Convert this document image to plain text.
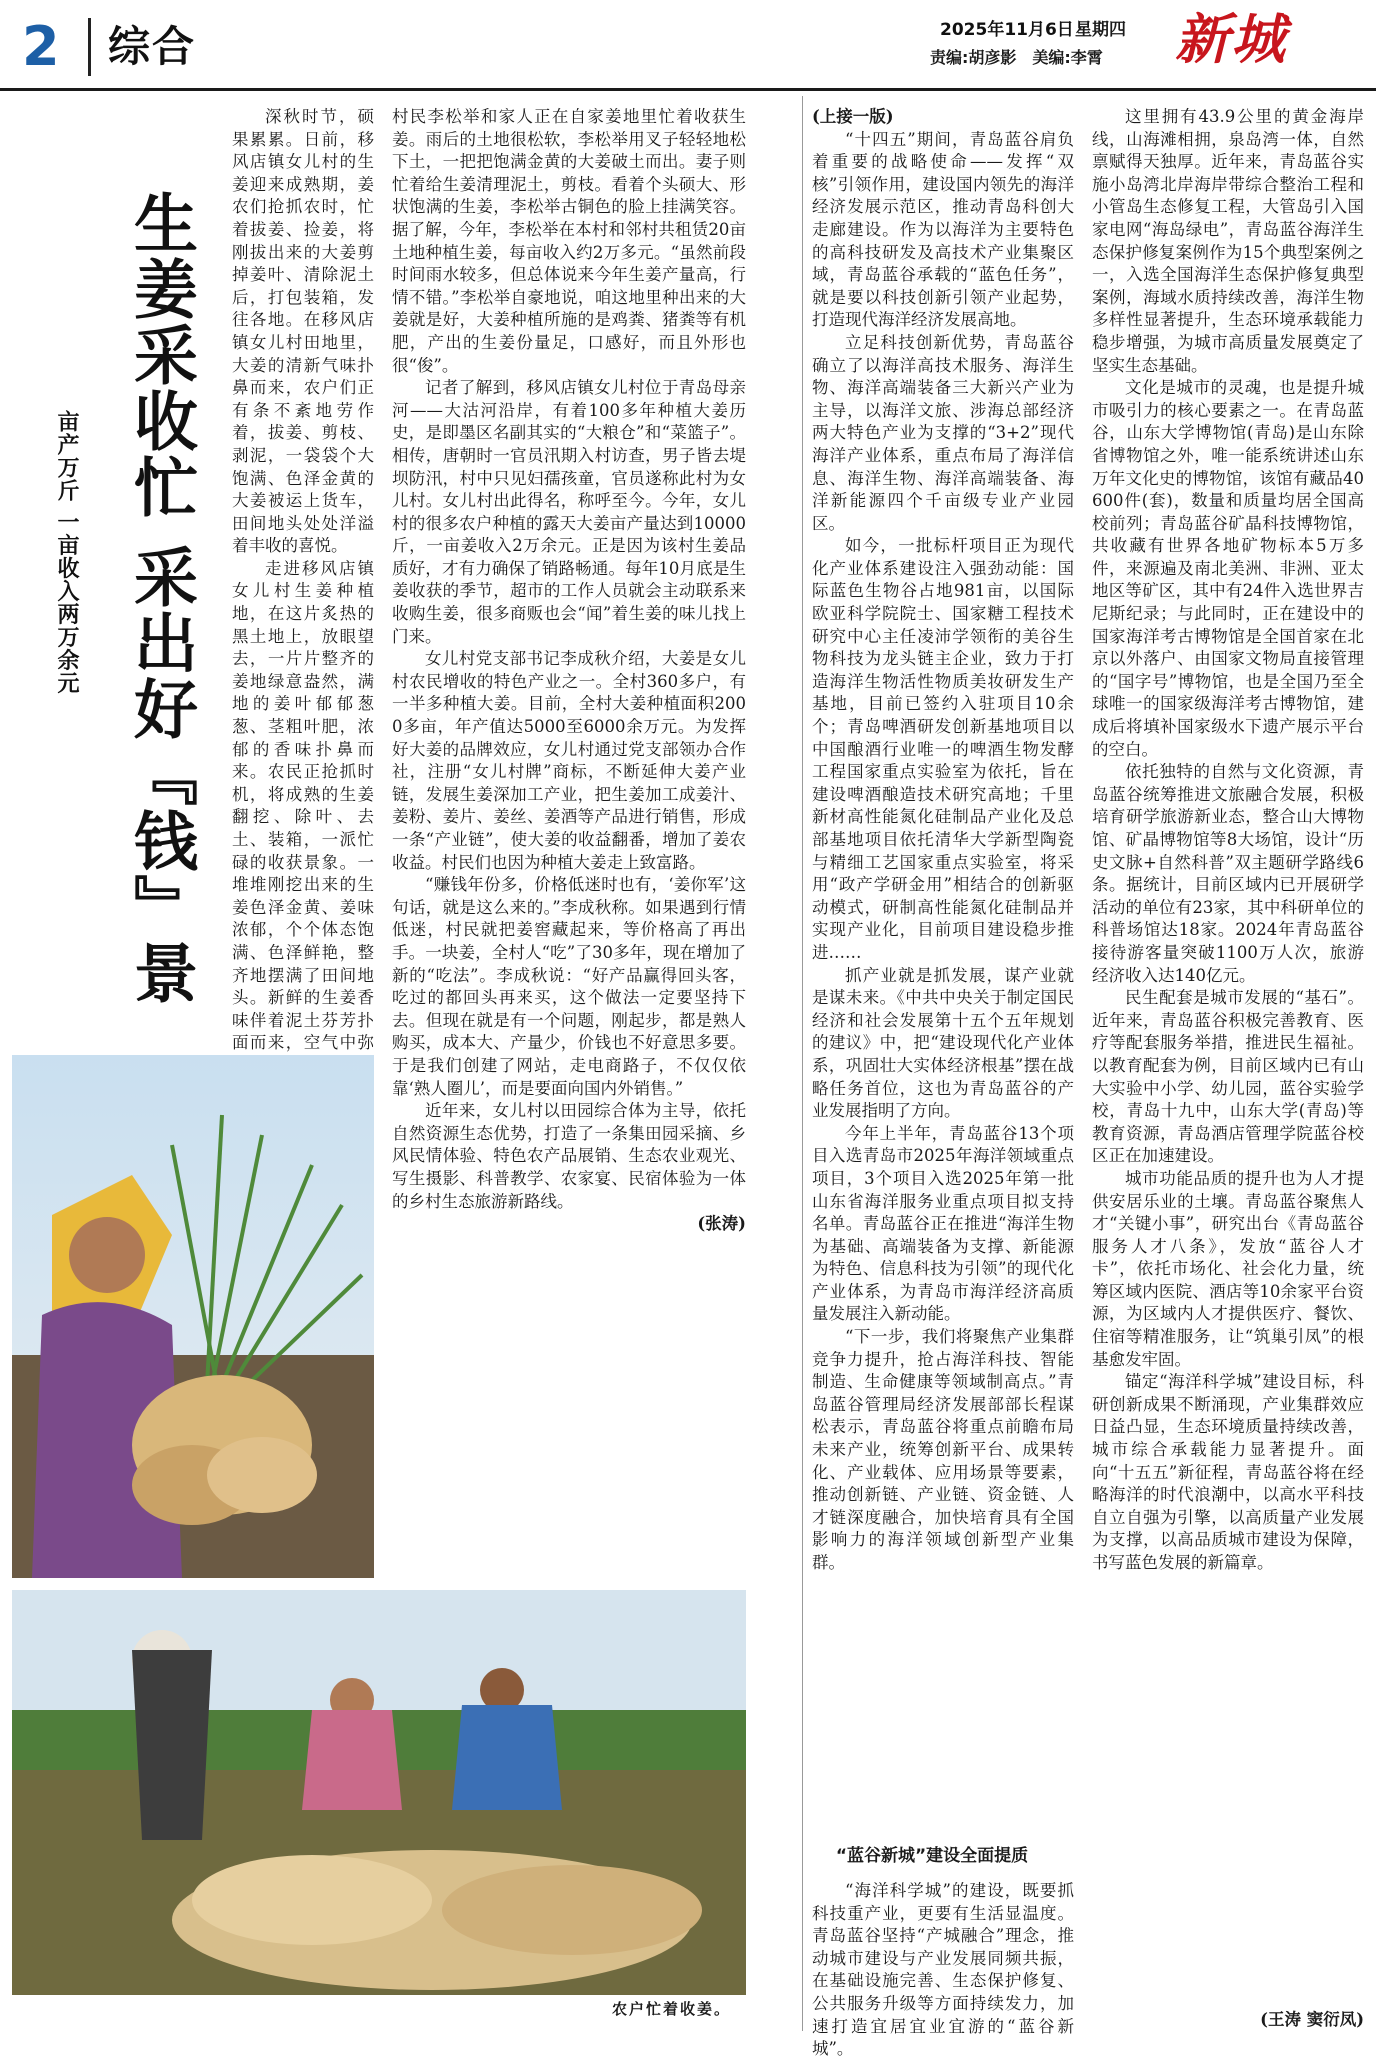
2 综合	2025年11月6日 星期四
责编:胡彦影　美编:李霄 新城
生姜采收忙 采出好『钱』景
亩产万斤 一亩收入两万余元

深秋时节，硕果累累。日前，移风店镇女儿村的生姜迎来成熟期，姜农们抢抓农时，忙着拔姜、捡姜，将刚拔出来的大姜剪掉姜叶、清除泥土后，打包装箱，发往各地。在移风店镇女儿村田地里，大姜的清新气味扑鼻而来，农户们正有条不紊地劳作着，拔姜、剪枝、剥泥，一袋袋个大饱满、色泽金黄的大姜被运上货车，田间地头处处洋溢着丰收的喜悦。

走进移风店镇女儿村生姜种植地，在这片炙热的黑土地上，放眼望去，一片片整齐的姜地绿意盎然，满地的姜叶郁郁葱葱、茎粗叶肥，浓郁的香味扑鼻而来。农民正抢抓时机，将成熟的生姜翻挖、除叶、去土、装箱，一派忙碌的收获景象。一堆堆刚挖出来的生姜色泽金黄、姜味浓郁，个个体态饱满、色泽鲜艳，整齐地摆满了田间地头。新鲜的生姜香味伴着泥土芬芳扑面而来，空气中弥

村民李松举和家人正在自家姜地里忙着收获生姜。雨后的土地很松软，李松举用叉子轻轻地松下土，一把把饱满金黄的大姜破土而出。妻子则忙着给生姜清理泥土，剪枝。看着个头硕大、形状饱满的生姜，李松举古铜色的脸上挂满笑容。据了解，今年，李松举在本村和邻村共租赁20亩土地种植生姜，每亩收入约2万多元。“虽然前段时间雨水较多，但总体说来今年生姜产量高，行情不错。”李松举自豪地说，咱这地里种出来的大姜就是好，大姜种植所施的是鸡粪、猪粪等有机肥，产出的生姜份量足，口感好，而且外形也很“俊”。

记者了解到，移风店镇女儿村位于青岛母亲河——大沽河沿岸，有着100多年种植大姜历史，是即墨区名副其实的“大粮仓”和“菜篮子”。相传，唐朝时一官员汛期入村访查，男子皆去堤坝防汛，村中只见妇孺孩童，官员遂称此村为女儿村。女儿村出此得名，称呼至今。今年，女儿村的很多农户种植的露天大姜亩产量达到10000斤，一亩姜收入2万余元。正是因为该村生姜品质好，才有力确保了销路畅通。每年10月底是生姜收获的季节，超市的工作人员就会主动联系来收购生姜，很多商贩也会“闻”着生姜的味儿找上门来。

女儿村党支部书记李成秋介绍，大姜是女儿村农民增收的特色产业之一。全村360多户，有一半多种植大姜。目前，全村大姜种植面积2000多亩，年产值达5000至6000余万元。为发挥好大姜的品牌效应，女儿村通过党支部领办合作社，注册“女儿村牌”商标，不断延伸大姜产业链，发展生姜深加工产业，把生姜加工成姜汁、姜粉、姜片、姜丝、姜酒等产品进行销售，形成一条“产业链”，使大姜的收益翻番，增加了姜农收益。村民们也因为种植大姜走上致富路。

“赚钱年份多，价格低迷时也有，‘姜你军’这句话，就是这么来的。”李成秋称。如果遇到行情低迷，村民就把姜窖藏起来，等价格高了再出手。一块姜，全村人“吃”了30多年，现在增加了新的“吃法”。李成秋说：“好产品赢得回头客，吃过的都回头再来买，这个做法一定要坚持下去。但现在就是有一个问题，刚起步，都是熟人购买，成本大、产量少，价钱也不好意思多要。于是我们创建了网站，走电商路子，不仅仅依靠‘熟人圈儿’，而是要面向国内外销售。”

近年来，女儿村以田园综合体为主导，依托自然资源生态优势，打造了一条集田园采摘、乡风民情体验、特色农产品展销、生态农业观光、写生摄影、科普教学、农家宴、民宿体验为一体的乡村生态旅游新路线。

(张涛)
农户忙着收姜。

(上接一版)

“十四五”期间，青岛蓝谷肩负着重要的战略使命——发挥“双核”引领作用，建设国内领先的海洋经济发展示范区，推动青岛科创大走廊建设。作为以海洋为主要特色的高科技研发及高技术产业集聚区域，青岛蓝谷承载的“蓝色任务”，就是要以科技创新引领产业起势，打造现代海洋经济发展高地。

立足科技创新优势，青岛蓝谷确立了以海洋高技术服务、海洋生物、海洋高端装备三大新兴产业为主导，以海洋文旅、涉海总部经济两大特色产业为支撑的“3+2”现代海洋产业体系，重点布局了海洋信息、海洋生物、海洋高端装备、海洋新能源四个千亩级专业产业园区。

如今，一批标杆项目正为现代化产业体系建设注入强劲动能：国际蓝色生物谷占地981亩，以国际欧亚科学院院士、国家糖工程技术研究中心主任凌沛学领衔的美谷生物科技为龙头链主企业，致力于打造海洋生物活性物质美妆研发生产基地，目前已签约入驻项目10余个；青岛啤酒研发创新基地项目以中国酿酒行业唯一的啤酒生物发酵工程国家重点实验室为依托，旨在建设啤酒酿造技术研究高地；千里新材高性能氮化硅制品产业化及总部基地项目依托清华大学新型陶瓷与精细工艺国家重点实验室，将采用“政产学研金用”相结合的创新驱动模式，研制高性能氮化硅制品并实现产业化，目前项目建设稳步推进……

抓产业就是抓发展，谋产业就是谋未来。《中共中央关于制定国民经济和社会发展第十五个五年规划的建议》中，把“建设现代化产业体系，巩固壮大实体经济根基”摆在战略任务首位，这也为青岛蓝谷的产业发展指明了方向。

今年上半年，青岛蓝谷13个项目入选青岛市2025年海洋领域重点项目，3个项目入选2025年第一批山东省海洋服务业重点项目拟支持名单。青岛蓝谷正在推进“海洋生物为基础、高端装备为支撑、新能源为特色、信息科技为引领”的现代化产业体系，为青岛市海洋经济高质量发展注入新动能。

“下一步，我们将聚焦产业集群竞争力提升，抢占海洋科技、智能制造、生命健康等领域制高点。”青岛蓝谷管理局经济发展部部长程谋松表示，青岛蓝谷将重点前瞻布局未来产业，统筹创新平台、成果转化、产业载体、应用场景等要素，推动创新链、产业链、资金链、人才链深度融合，加快培育具有全国影响力的海洋领域创新型产业集群。

“蓝谷新城”建设全面提质

“海洋科学城”的建设，既要抓科技重产业，更要有生活显温度。青岛蓝谷坚持“产城融合”理念，推动城市建设与产业发展同频共振，在基础设施完善、生态保护修复、公共服务升级等方面持续发力，加速打造宜居宜业宜游的“蓝谷新城”。

这里拥有43.9公里的黄金海岸线，山海滩相拥，泉岛湾一体，自然禀赋得天独厚。近年来，青岛蓝谷实施小岛湾北岸海岸带综合整治工程和小管岛生态修复工程，大管岛引入国家电网“海岛绿电”，青岛蓝谷海洋生态保护修复案例作为15个典型案例之一，入选全国海洋生态保护修复典型案例，海域水质持续改善，海洋生物多样性显著提升，生态环境承载能力稳步增强，为城市高质量发展奠定了坚实生态基础。

文化是城市的灵魂，也是提升城市吸引力的核心要素之一。在青岛蓝谷，山东大学博物馆(青岛)是山东除省博物馆之外，唯一能系统讲述山东万年文化史的博物馆，该馆有藏品40600件(套)，数量和质量均居全国高校前列；青岛蓝谷矿晶科技博物馆，共收藏有世界各地矿物标本5万多件，来源遍及南北美洲、非洲、亚太地区等矿区，其中有24件入选世界吉尼斯纪录；与此同时，正在建设中的国家海洋考古博物馆是全国首家在北京以外落户、由国家文物局直接管理的“国字号”博物馆，也是全国乃至全球唯一的国家级海洋考古博物馆，建成后将填补国家级水下遗产展示平台的空白。

依托独特的自然与文化资源，青岛蓝谷统筹推进文旅融合发展，积极培育研学旅游新业态，整合山大博物馆、矿晶博物馆等8大场馆，设计“历史文脉+自然科普”双主题研学路线6条。据统计，目前区域内已开展研学活动的单位有23家，其中科研单位的科普场馆达18家。2024年青岛蓝谷接待游客量突破1100万人次，旅游经济收入达140亿元。

民生配套是城市发展的“基石”。近年来，青岛蓝谷积极完善教育、医疗等配套服务举措，推进民生福祉。以教育配套为例，目前区域内已有山大实验中小学、幼儿园，蓝谷实验学校，青岛十九中，山东大学(青岛)等教育资源，青岛酒店管理学院蓝谷校区正在加速建设。

城市功能品质的提升也为人才提供安居乐业的土壤。青岛蓝谷聚焦人才“关键小事”，研究出台《青岛蓝谷服务人才八条》，发放“蓝谷人才卡”，依托市场化、社会化力量，统筹区域内医院、酒店等10余家平台资源，为区域内人才提供医疗、餐饮、住宿等精准服务，让“筑巢引凤”的根基愈发牢固。

锚定“海洋科学城”建设目标，科研创新成果不断涌现，产业集群效应日益凸显，生态环境质量持续改善，城市综合承载能力显著提升。面向“十五五”新征程，青岛蓝谷将在经略海洋的时代浪潮中，以高水平科技自立自强为引擎，以高质量产业发展为支撑，以高品质城市建设为保障，书写蓝色发展的新篇章。

(王涛 窦衍凤)
